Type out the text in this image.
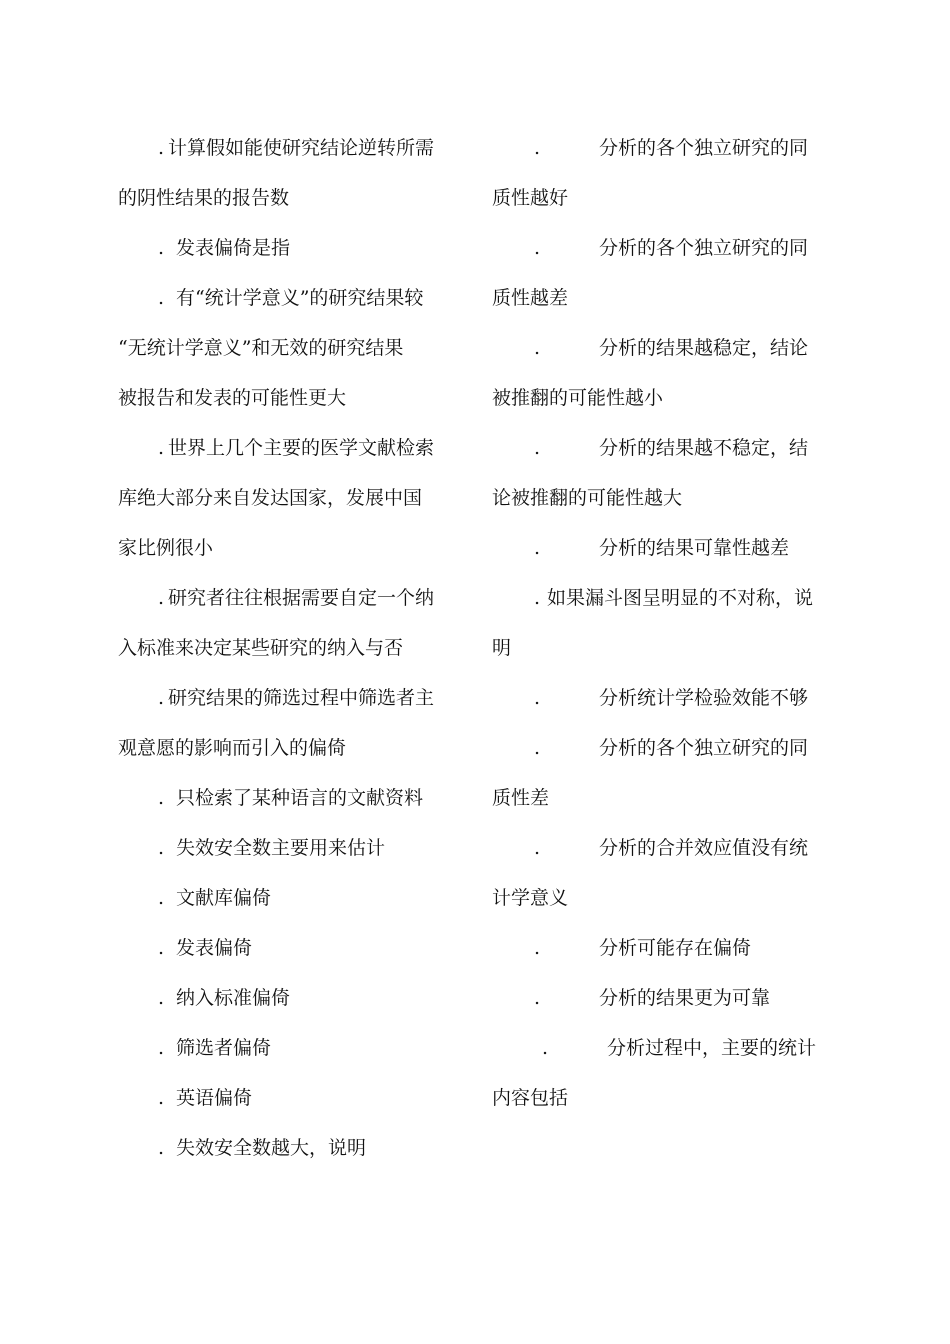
. 计算假如能使研究结论逆转所需
的阴性结果的报告数
. 发表偏倚是指
. 有“统计学意义”的研究结果较
“无统计学意义”和无效的研究结果
被报告和发表的可能性更大
. 世界上几个主要的医学文献检索
库绝大部分来自发达国家，发展中国
家比例很小
. 研究者往往根据需要自定一个纳
入标准来决定某些研究的纳入与否
. 研究结果的筛选过程中筛选者主
观意愿的影响而引入的偏倚
. 只检索了某种语言的文献资料
. 失效安全数主要用来估计
. 文献库偏倚
. 发表偏倚
. 纳入标准偏倚
. 筛选者偏倚
. 英语偏倚
. 失效安全数越大，说明
.	分析的各个独立研究的同
质性越好
.	分析的各个独立研究的同
质性越差
.	分析的结果越稳定，结论
被推翻的可能性越小
.	分析的结果越不稳定，结
论被推翻的可能性越大
.	分析的结果可靠性越差
. 如果漏斗图呈明显的不对称，说
明
.	分析统计学检验效能不够
.	分析的各个独立研究的同
质性差
.	分析的合并效应值没有统
计学意义
.	分析可能存在偏倚
.	分析的结果更为可靠
.	分析过程中，主要的统计
内容包括
